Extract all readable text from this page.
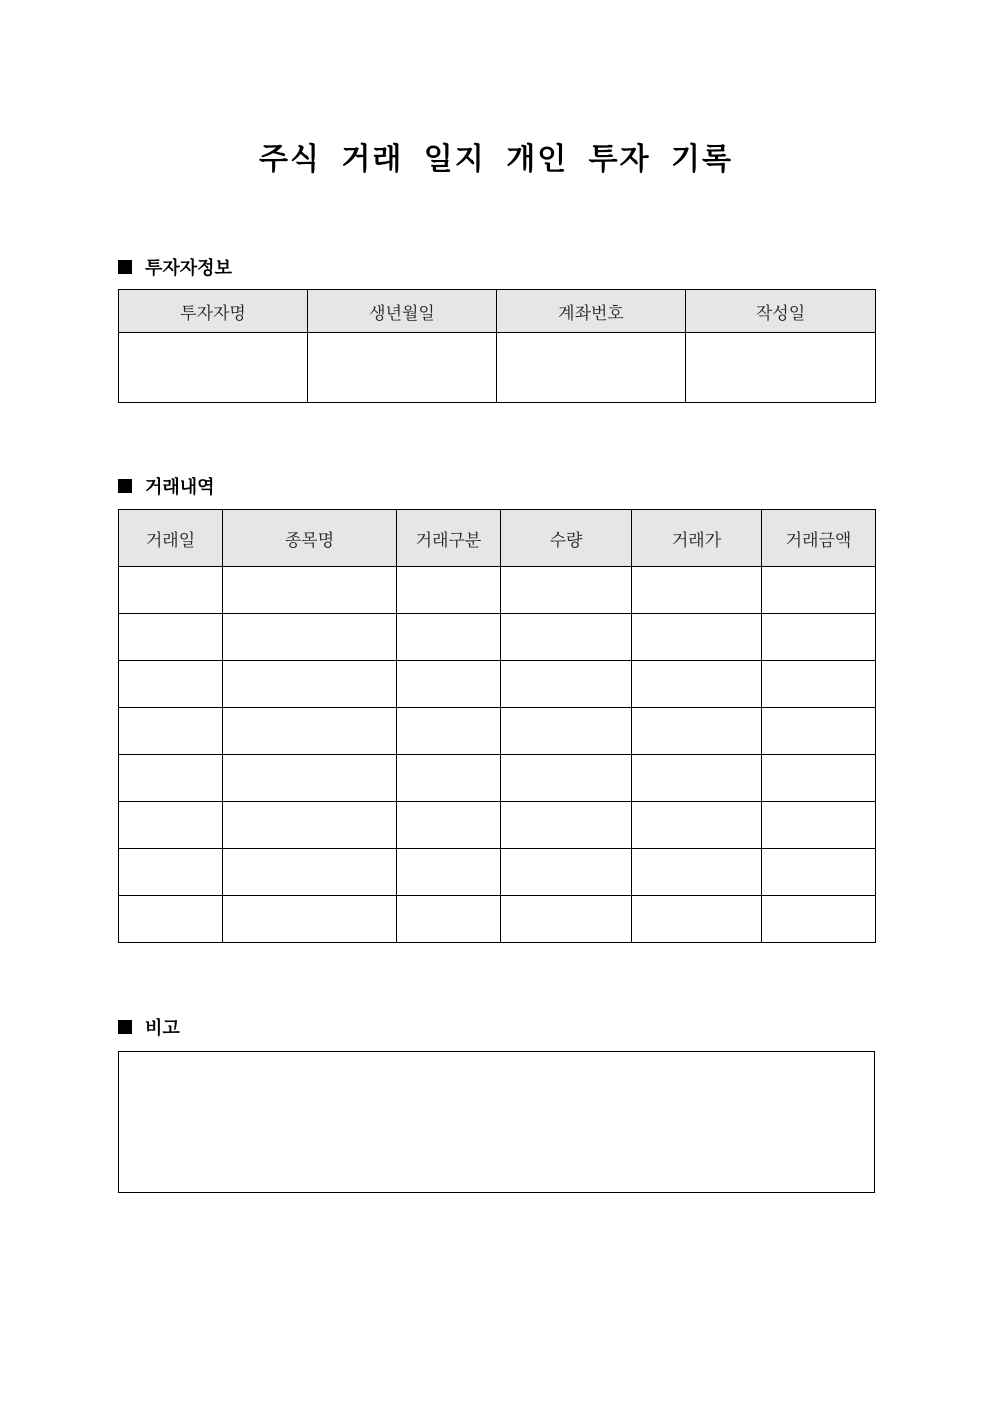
주식 거래 일지 개인 투자 기록
투자자정보
투자자명	생년월일	계좌번호	작성일

거래내역
거래일	종목명	거래구분	수량	거래가	거래금액

비고
